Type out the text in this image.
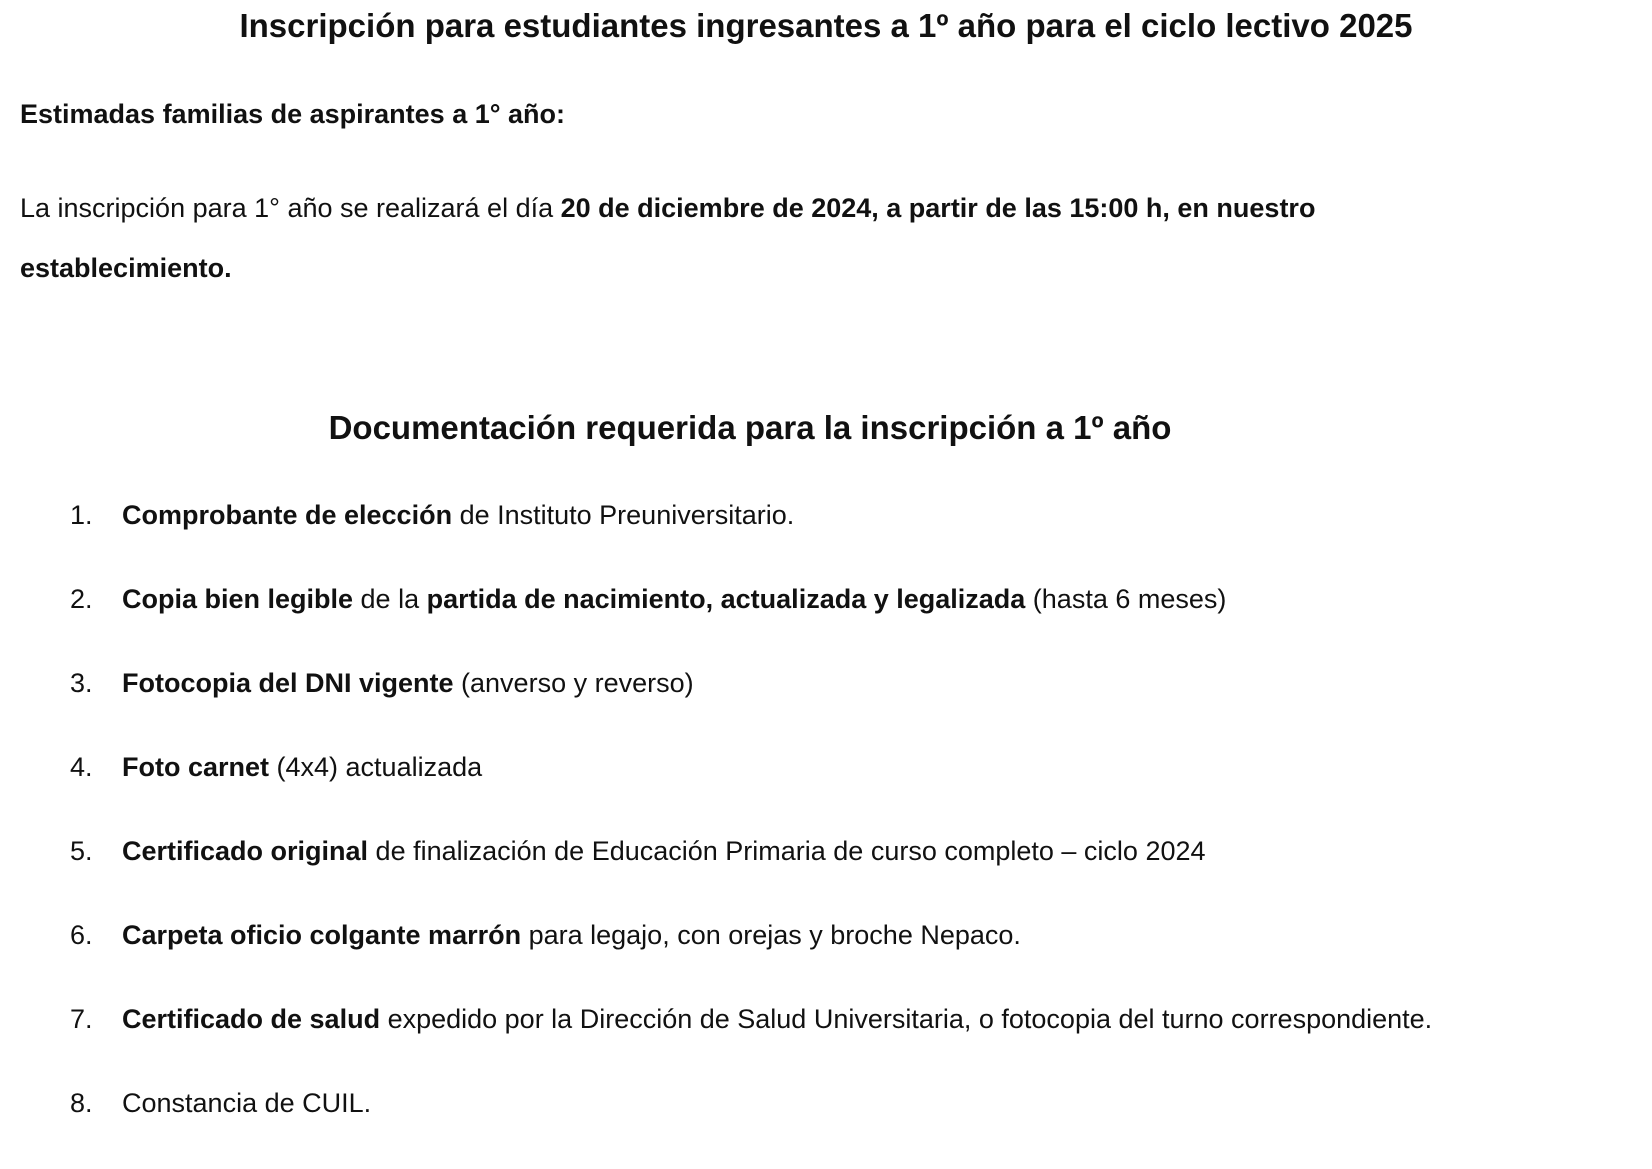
Inscripción para estudiantes ingresantes a 1º año para el ciclo lectivo 2025
Estimadas familias de aspirantes a 1° año:
La inscripción para 1° año se realizará el día 20 de diciembre de 2024, a partir de las 15:00 h, en nuestro establecimiento.
Documentación requerida para la inscripción a 1º año
1.	Comprobante de elección de Instituto Preuniversitario.
2.	Copia bien legible de la partida de nacimiento, actualizada y legalizada (hasta 6 meses)
3.	Fotocopia del DNI vigente (anverso y reverso)
4.	Foto carnet (4x4) actualizada
5.	Certificado original de finalización de Educación Primaria de curso completo – ciclo 2024
6.	Carpeta oficio colgante marrón para legajo, con orejas y broche Nepaco.
7.	Certificado de salud expedido por la Dirección de Salud Universitaria, o fotocopia del turno correspondiente.
8.	Constancia de CUIL.
